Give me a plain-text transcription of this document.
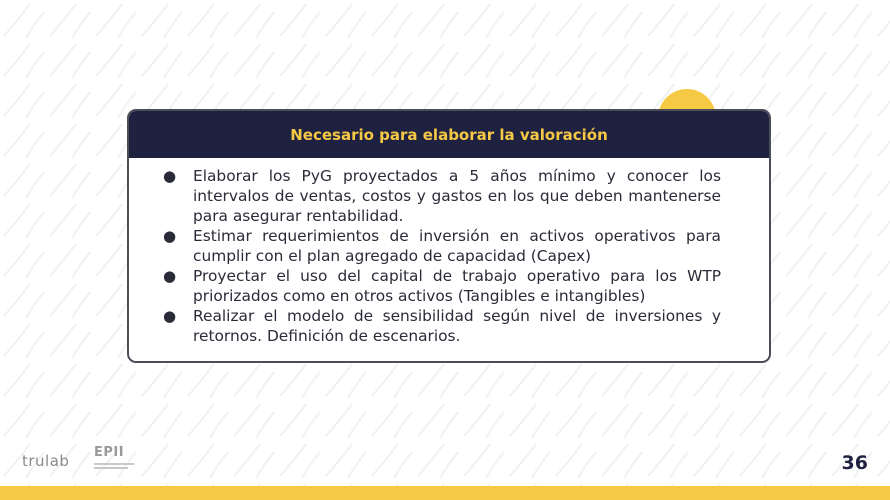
Necesario para elaborar la valoración
● Elaborar los PyG proyectados a 5 años mínimo y conocer los intervalos de ventas, costos y gastos en los que deben mantenerse para asegurar rentabilidad.
● Estimar requerimientos de inversión en activos operativos para cumplir con el plan agregado de capacidad (Capex)
● Proyectar el uso del capital de trabajo operativo para los WTP priorizados como en otros activos (Tangibles e intangibles)
● Realizar el modelo de sensibilidad según nivel de inversiones y retornos. Definición de escenarios.
trulab EPII	36
